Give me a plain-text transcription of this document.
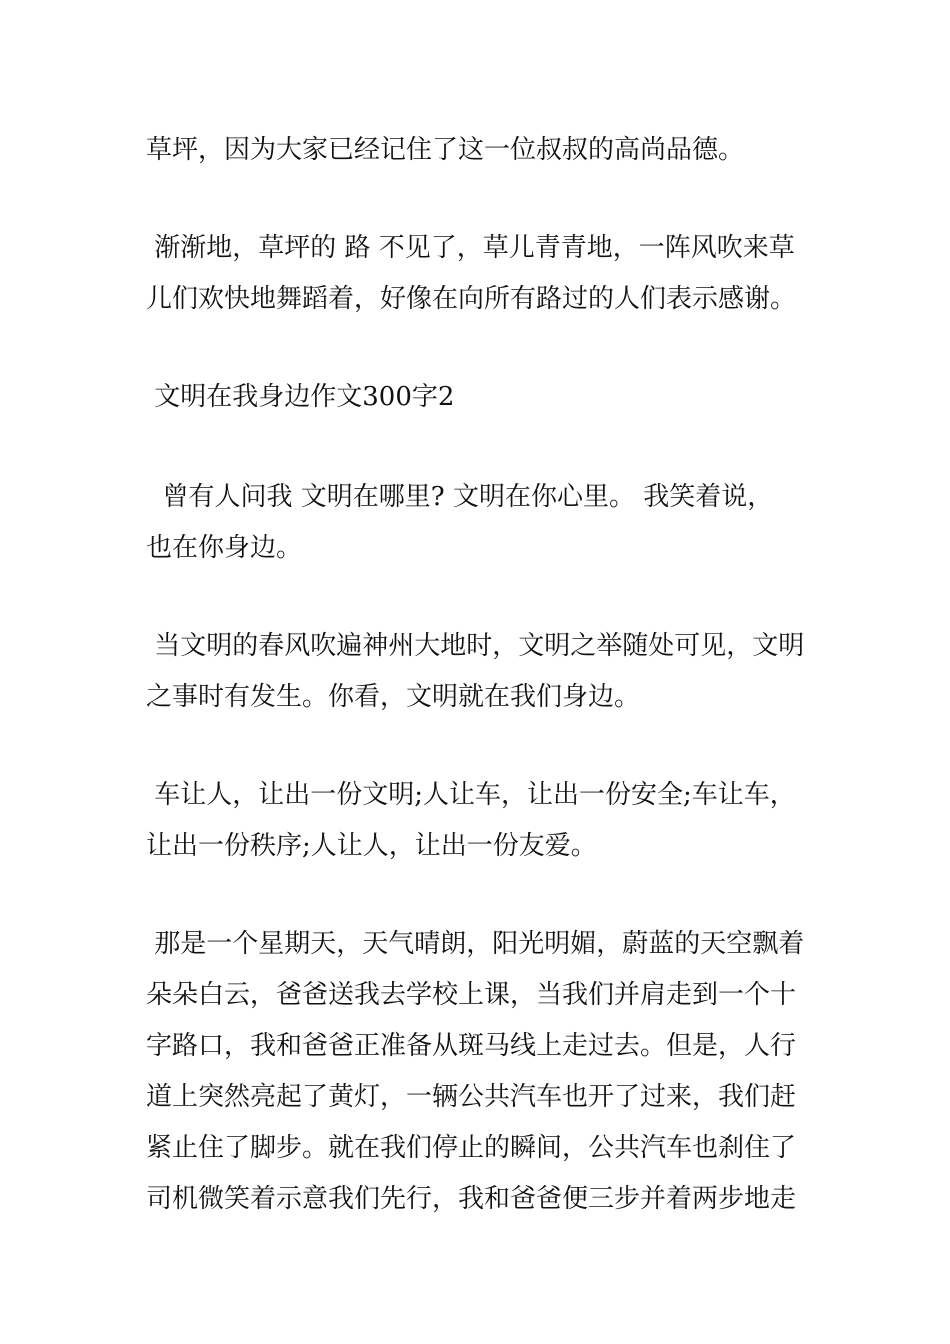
草坪，因为大家已经记住了这一位叔叔的高尚品德。
渐渐地，草坪的 路 不见了，草儿青青地，一阵风吹来草
儿们欢快地舞蹈着，好像在向所有路过的人们表示感谢。
文明在我身边作文300字2
曾有人问我 文明在哪里? 文明在你心里。 我笑着说，
也在你身边。
当文明的春风吹遍神州大地时，文明之举随处可见，文明
之事时有发生。你看，文明就在我们身边。
车让人，让出一份文明;人让车，让出一份安全;车让车，
让出一份秩序;人让人，让出一份友爱。
那是一个星期天，天气晴朗，阳光明媚，蔚蓝的天空飘着
朵朵白云，爸爸送我去学校上课，当我们并肩走到一个十
字路口，我和爸爸正准备从斑马线上走过去。但是，人行
道上突然亮起了黄灯，一辆公共汽车也开了过来，我们赶
紧止住了脚步。就在我们停止的瞬间，公共汽车也刹住了
司机微笑着示意我们先行，我和爸爸便三步并着两步地走
